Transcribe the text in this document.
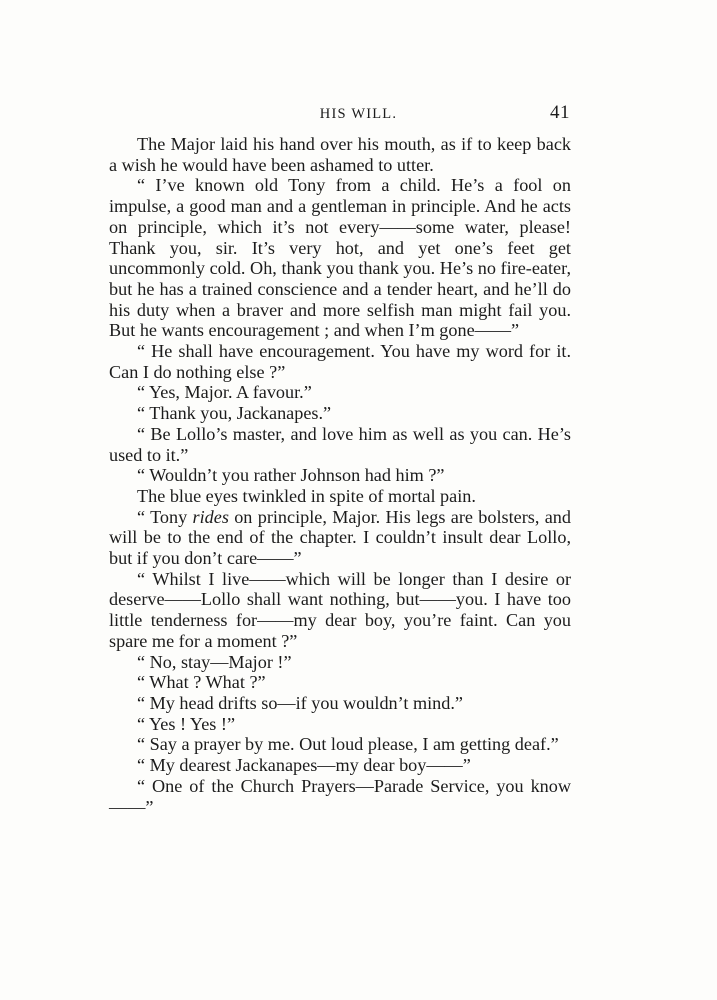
HIS WILL.	41

The Major laid his hand over his mouth, as if to keep back a wish he would have been ashamed to utter.

“ I’ve known old Tony from a child. He’s a fool on impulse, a good man and a gentleman in principle. And he acts on principle, which it’s not every——some water, please! Thank you, sir. It’s very hot, and yet one’s feet get uncommonly cold. Oh, thank you thank you. He’s no fire-eater, but he has a trained conscience and a tender heart, and he’ll do his duty when a braver and more selfish man might fail you. But he wants encouragement ; and when I’m gone——”

“ He shall have encouragement. You have my word for it. Can I do nothing else ?”

“ Yes, Major. A favour.”

“ Thank you, Jackanapes.”

“ Be Lollo’s master, and love him as well as you can. He’s used to it.”

“ Wouldn’t you rather Johnson had him ?”

The blue eyes twinkled in spite of mortal pain.

“ Tony rides on principle, Major. His legs are bolsters, and will be to the end of the chapter. I couldn’t insult dear Lollo, but if you don’t care——”

“ Whilst I live——which will be longer than I desire or deserve——Lollo shall want nothing, but——you. I have too little tenderness for——my dear boy, you’re faint. Can you spare me for a moment ?”

“ No, stay—Major !”

“ What ? What ?”

“ My head drifts so—if you wouldn’t mind.”

“ Yes ! Yes !”

“ Say a prayer by me. Out loud please, I am getting deaf.”

“ My dearest Jackanapes—my dear boy——”

“ One of the Church Prayers—Parade Service, you know——”
